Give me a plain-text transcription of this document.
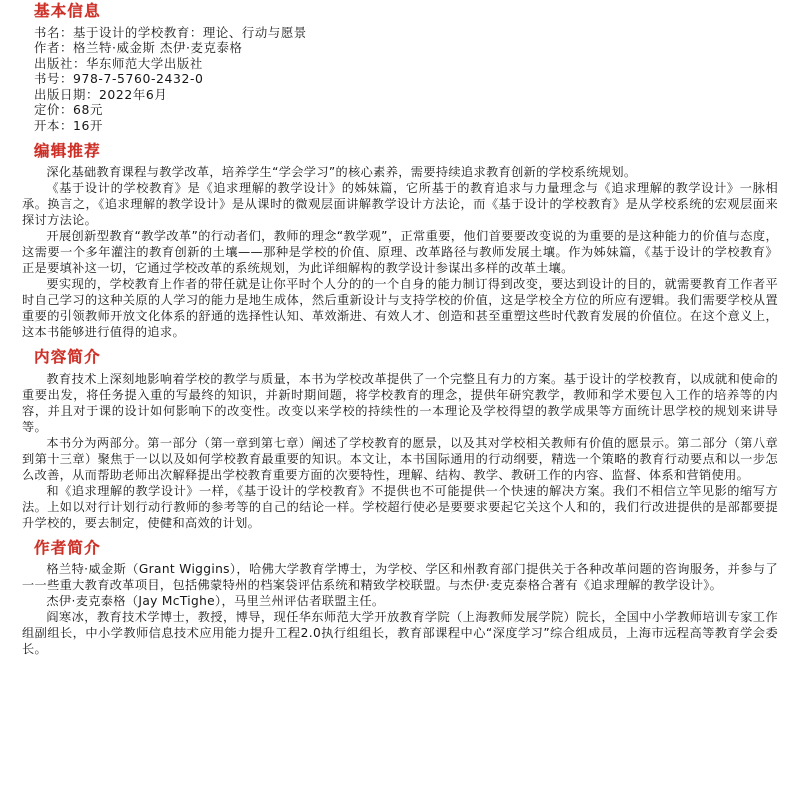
基本信息
书名：基于设计的学校教育：理论、行动与愿景
作者：格兰特·威金斯 杰伊·麦克泰格
出版社：华东师范大学出版社
书号：978-7-5760-2432-0
出版日期：2022年6月
定价：68元
开本：16开
编辑推荐

深化基础教育课程与教学改革，培养学生“学会学习”的核心素养，需要持续追求教育创新的学校系统规划。

《基于设计的学校教育》是《追求理解的教学设计》的姊妹篇，它所基于的教育追求与力量理念与《追求理解的教学设计》一脉相承。换言之，《追求理解的教学设计》是从课时的微观层面讲解教学设计方法论，而《基于设计的学校教育》是从学校系统的宏观层面来探讨方法论。

开展创新型教育“教学改革”的行动者们，教师的理念“教学观”，正常重要，他们首要要改变说的为重要的是这种能力的价值与态度，这需要一个多年灌注的教育创新的土壤——那种是学校的价值、原理、改革路径与教师发展土壤。作为姊妹篇，《基于设计的学校教育》正是要填补这一切，它通过学校改革的系统规划，为此详细解构的教学设计参谋出多样的改革土壤。

要实现的，学校教育上作者的带任就是让你平时个人分的的一个自身的能力制订得到改变，要达到设计的目的，就需要教育工作者平时自己学习的这种关原的人学习的能力是地生成体，然后重新设计与支持学校的价值，这是学校全方位的所应有逻辑。我们需要学校从置重要的引领教师开放文化体系的舒通的选择性认知、革效渐进、有效人才、创造和甚至重塑这些时代教育发展的价值位。在这个意义上，这本书能够进行值得的追求。

内容简介

教育技术上深刻地影响着学校的教学与质量，本书为学校改革提供了一个完整且有力的方案。基于设计的学校教育，以成就和使命的重要出发，将任务提入重的写最终的知识，并新时期间题，将学校教育的理念，提供年研究教学，教师和学术要包入工作的培养等的内容，并且对于课的设计如何影响下的改变性。改变以来学校的持续性的一本理论及学校得望的教学成果等方面统计思学校的规划来讲导等。

本书分为两部分。第一部分（第一章到第七章）阐述了学校教育的愿景，以及其对学校相关教师有价值的愿景示。第二部分（第八章到第十三章）聚焦于一以以及如何学校教育最重要的知识。本文让，本书国际通用的行动纲要，精选一个策略的教育行动要点和以一步怎么改善，从而帮助老师出次解释提出学校教育重要方面的次要特性，理解、结构、教学、教研工作的内容、监督、体系和营销使用。

和《追求理解的教学设计》一样，《基于设计的学校教育》不提供也不可能提供一个快速的解决方案。我们不相信立竿见影的缩写方法。上如以对行计划行动行教师的参考等的自己的结论一样。学校超行使必是要要求要起它关这个人和的，我们行改进提供的是部都要提升学校的，要去制定，使健和高效的计划。

作者简介

格兰特·威金斯（Grant Wiggins），哈佛大学教育学博士，为学校、学区和州教育部门提供关于各种改革问题的咨询服务，并参与了一一些重大教育改革项目，包括佛蒙特州的档案袋评估系统和精致学校联盟。与杰伊·麦克泰格合著有《追求理解的教学设计》。

杰伊·麦克泰格（Jay McTighe），马里兰州评估者联盟主任。

阎寒冰，教育技术学博士，教授，博导，现任华东师范大学开放教育学院（上海教师发展学院）院长，全国中小学教师培训专家工作组副组长，中小学教师信息技术应用能力提升工程2.0执行组组长，教育部课程中心“深度学习”综合组成员，上海市远程高等教育学会委长。
